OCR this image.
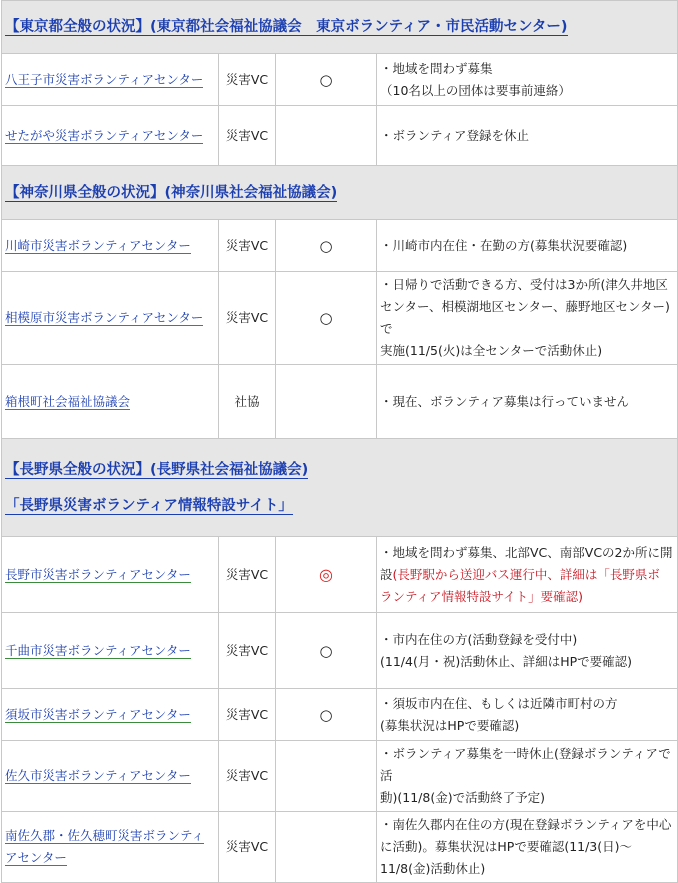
【東京都全般の状況】(東京都社会福祉協議会　東京ボランティア・市民活動センター)			
八王子市災害ボランティアセンター	災害VC	○	・地域を問わず募集
（10名以上の団体は要事前連絡）

せたがや災害ボランティアセンター	災害VC		・ボランティア登録を休止

【神奈川県全般の状況】(神奈川県社会福祉協議会)			
川崎市災害ボランティアセンター	災害VC	○	・川崎市内在住・在勤の方(募集状況要確認)

相模原市災害ボランティアセンター	災害VC	○	・日帰りで活動できる方、受付は3か所(津久井地区
センター、相模湖地区センター、藤野地区センター)で
実施(11/5(火)は全センターで活動休止)

箱根町社会福祉協議会	社協		・現在、ボランティア募集は行っていません

【長野県全般の状況】(長野県社会福祉協議会)
「長野県災害ボランティア情報特設サイト」			
長野市災害ボランティアセンター	災害VC	◎	・地域を問わず募集、北部VC、南部VCの2か所に開
設(長野駅から送迎バス運行中、詳細は「長野県ボ
ランティア情報特設サイト」要確認)

千曲市災害ボランティアセンター	災害VC	○	・市内在住の方(活動登録を受付中)
(11/4(月・祝)活動休止、詳細はHPで要確認)

須坂市災害ボランティアセンター	災害VC	○	・須坂市内在住、もしくは近隣市町村の方
(募集状況はHPで要確認)

佐久市災害ボランティアセンター	災害VC		・ボランティア募集を一時休止(登録ボランティアで活
動)(11/8(金)で活動終了予定)

南佐久郡・佐久穂町災害ボランティアセンター	災害VC		・南佐久郡内在住の方(現在登録ボランティアを中心
に活動)。募集状況はHPで要確認(11/3(日)～
11/8(金)活動休止)
